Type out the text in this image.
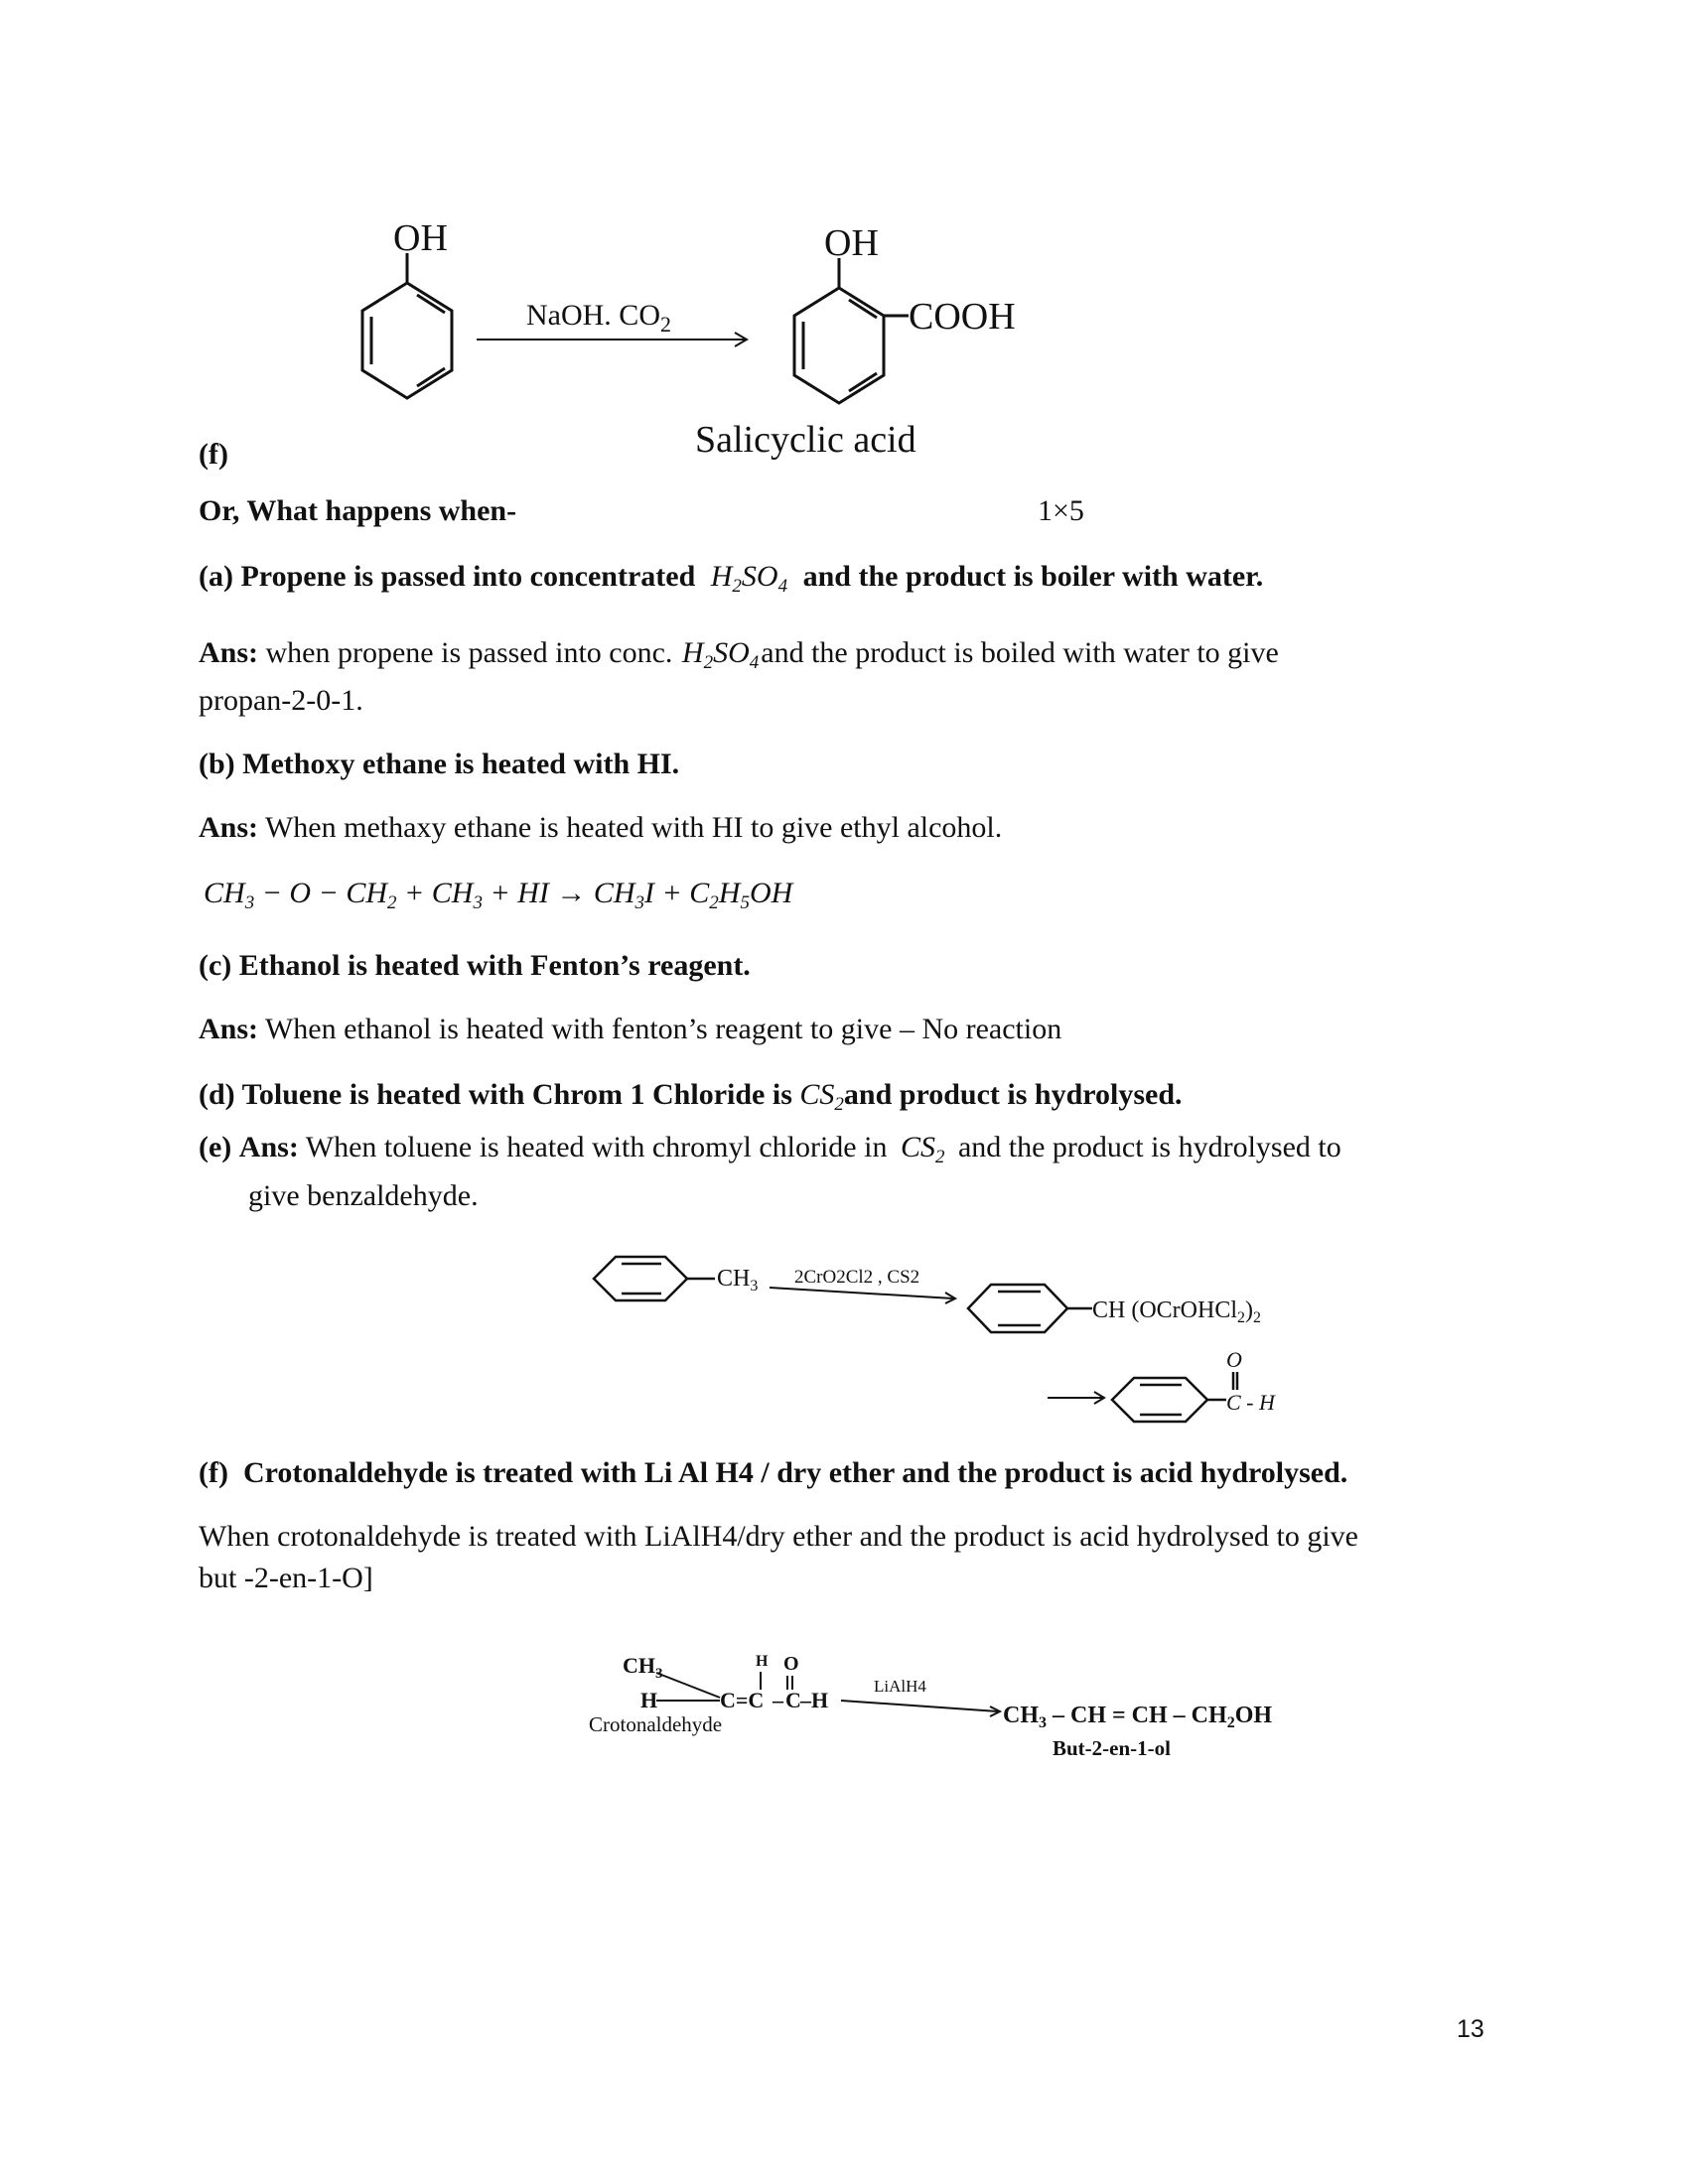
OH
NaOH. $CO_2$
OH
COOH
Salicyclic acid
(f)
Or, What happens when-	1×5
(a) Propene is passed into concentrated $H_2SO_4$ and the product is boiler with water.
Ans: when propene is passed into conc. $H_2SO_4and$ the product is boiled with water to give
propan-2-0-1.
(b) Methoxy ethane is heated with HI.
Ans: When methaxy ethane is heated with HI to give ethyl alcohol.
$CH_3 - O - CH_2 + CH_3$ + HI → $CH_3I + C_2H_5OH$
(c) Ethanol is heated with Fenton’s reagent.
Ans: When ethanol is heated with fenton’s reagent to give – No reaction
(d) Toluene is heated with Chrom 1 Chloride is $CS_2and$ product is hydrolysed.
(e) Ans: When toluene is heated with chromyl chloride in $CS_2$ and the product is hydrolysed to
give benzaldehyde.
$CH_3$ 2CrO2Cl2 , CS2
CH $(OCrOHCl_2)_2$
O
C - H
(f) Crotonaldehyde is treated with Li Al H4 / dry ether and the product is acid hydrolysed.
When crotonaldehyde is treated with LiAlH4/dry ether and the product is acid hydrolysed to give
but -2-en-1-O]
$CH_3$
H	C=C – C –H
H O
Crotonaldehyde
LiAlH4
$CH_3$ – CH = CH – $CH_2OH$
But-2-en-1-ol
13
